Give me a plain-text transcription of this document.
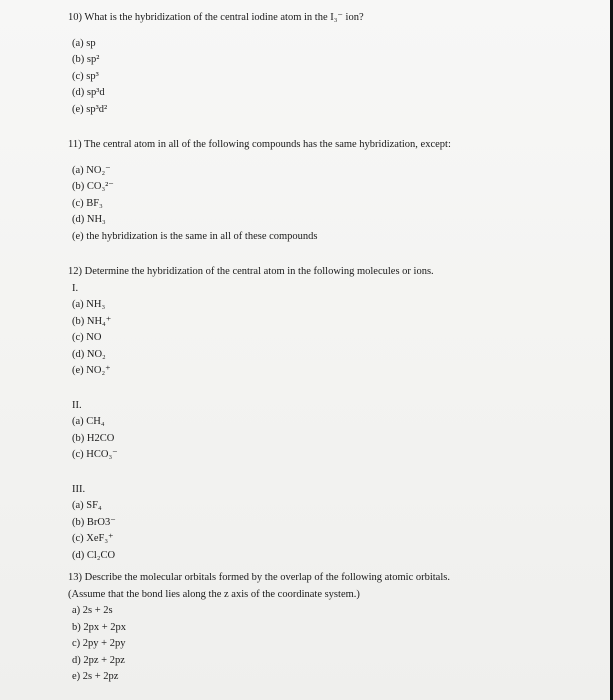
10) What is the hybridization of the central iodine atom in the I₃⁻ ion?
(a) sp
(b) sp²
(c) sp³
(d) sp³d
(e) sp³d²
11) The central atom in all of the following compounds has the same hybridization, except:
(a) NO₂⁻
(b) CO₃²⁻
(c) BF₃
(d) NH₃
(e) the hybridization is the same in all of these compounds
12) Determine the hybridization of the central atom in the following molecules or ions.
I.
(a) NH₃
(b) NH₄⁺
(c) NO
(d) NO₂
(e) NO₂⁺
II.
(a) CH₄
(b) H2CO
(c) HCO₃⁻
III.
(a) SF₄
(b) BrO3⁻
(c) XeF₃⁺
(d) Cl₂CO
13) Describe the molecular orbitals formed by the overlap of the following atomic orbitals.
(Assume that the bond lies along the z axis of the coordinate system.)
a) 2s + 2s
b) 2px + 2px
c) 2py + 2py
d) 2pz + 2pz
e) 2s + 2pz
